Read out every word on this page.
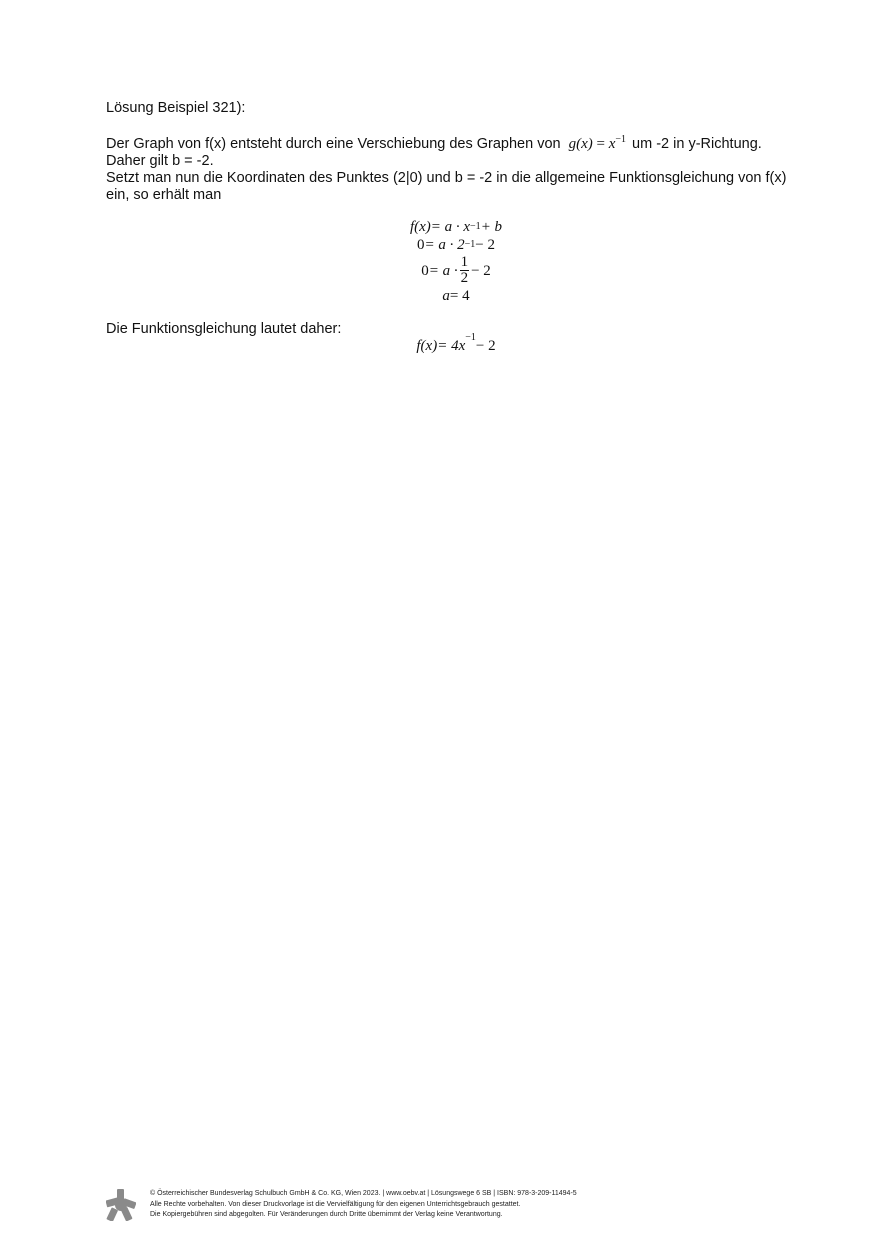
Lösung Beispiel 321):

Der Graph von f(x) entsteht durch eine Verschiebung des Graphen von $g(x) = x^{-1}$ um -2 in y-Richtung.

Daher gilt b = -2.

Setzt man nun die Koordinaten des Punktes (2|0) und b = -2 in die allgemeine Funktionsgleichung von f(x)

ein, so erhält man

f(x) = a · x −1 + b
0 = a · 2 −1 − 2
$0 = a \cdot \frac{1}{2} - 2$
a = 4

Die Funktionsgleichung lautet daher:

f(x) = 4x
−1
− 2

© Österreichischer Bundesverlag Schulbuch GmbH & Co. KG, Wien 2023. | www.oebv.at | Lösungswege 6 SB | ISBN: 978-3-209-11494-5

Alle Rechte vorbehalten. Von dieser Druckvorlage ist die Vervielfältigung für den eigenen Unterrichtsgebrauch gestattet.

Die Kopiergebühren sind abgegolten. Für Veränderungen durch Dritte übernimmt der Verlag keine Verantwortung.
